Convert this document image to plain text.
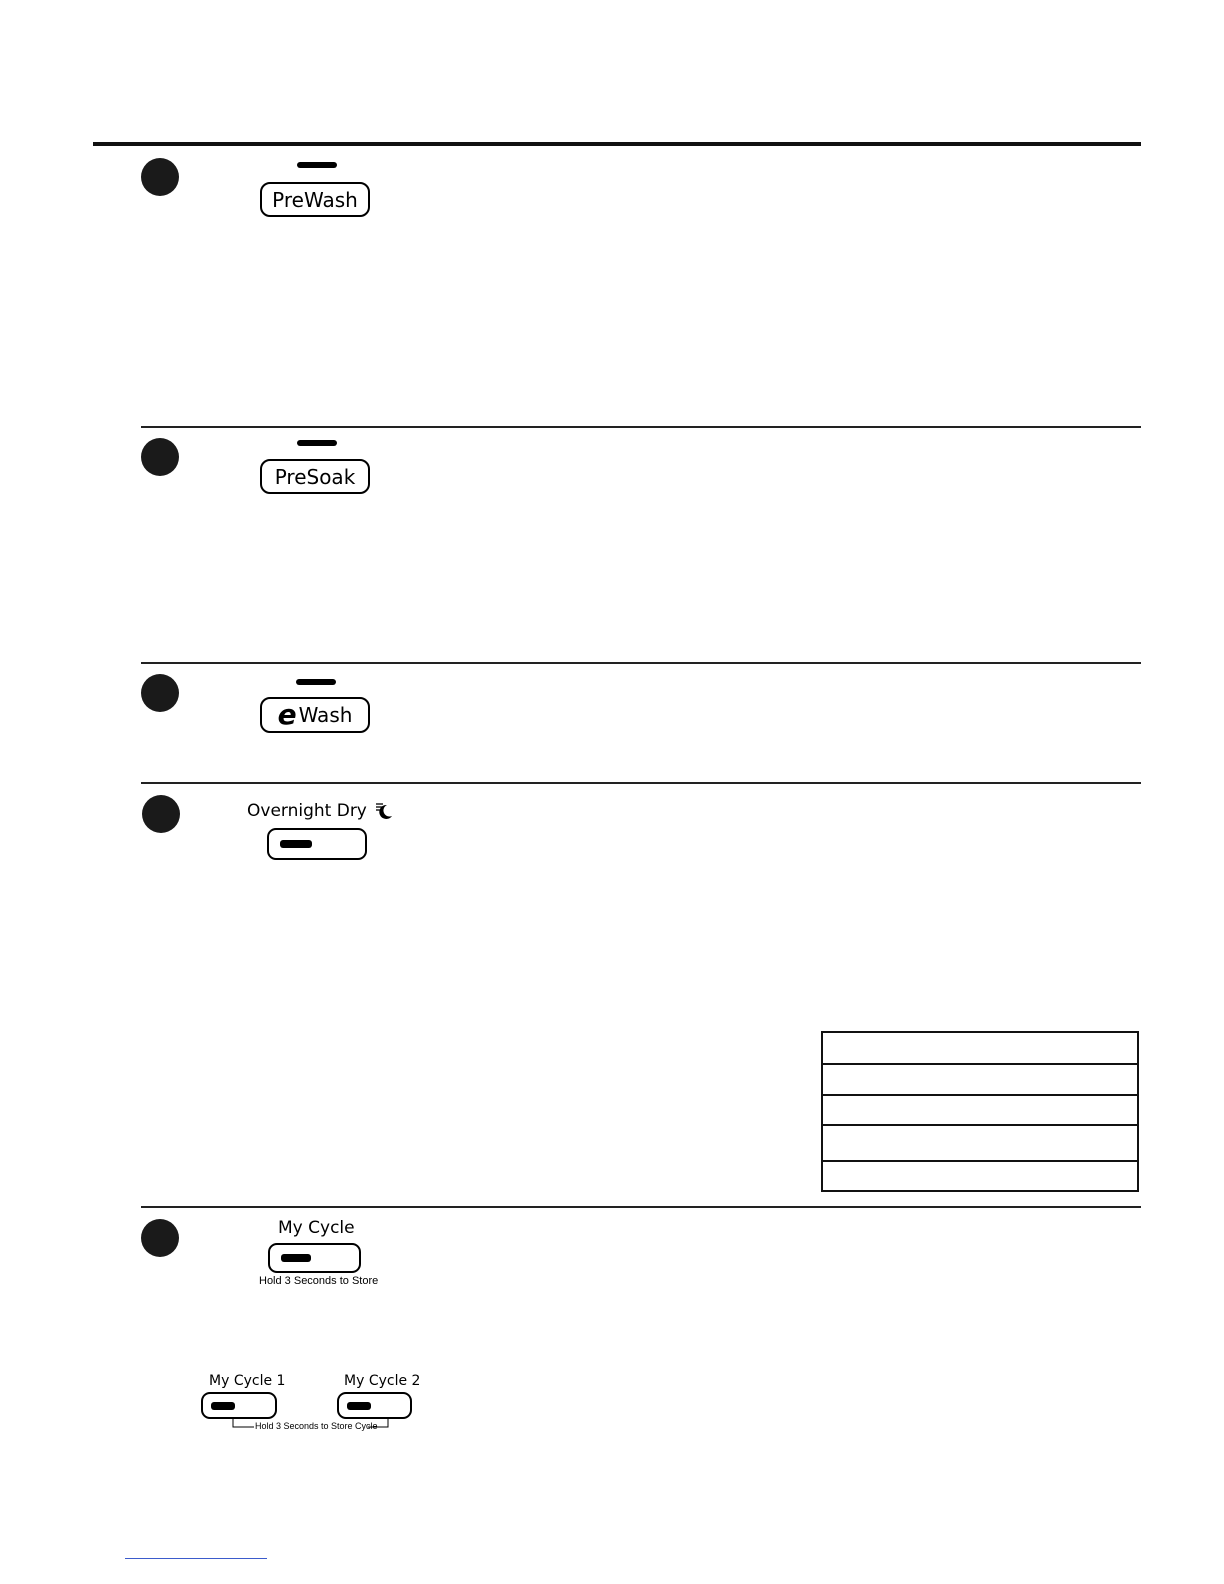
PreWash
PreSoak
e Wash
Overnight Dry
My Cycle
Hold 3 Seconds to Store
My Cycle 1	My Cycle 2
Hold 3 Seconds to Store Cycle
